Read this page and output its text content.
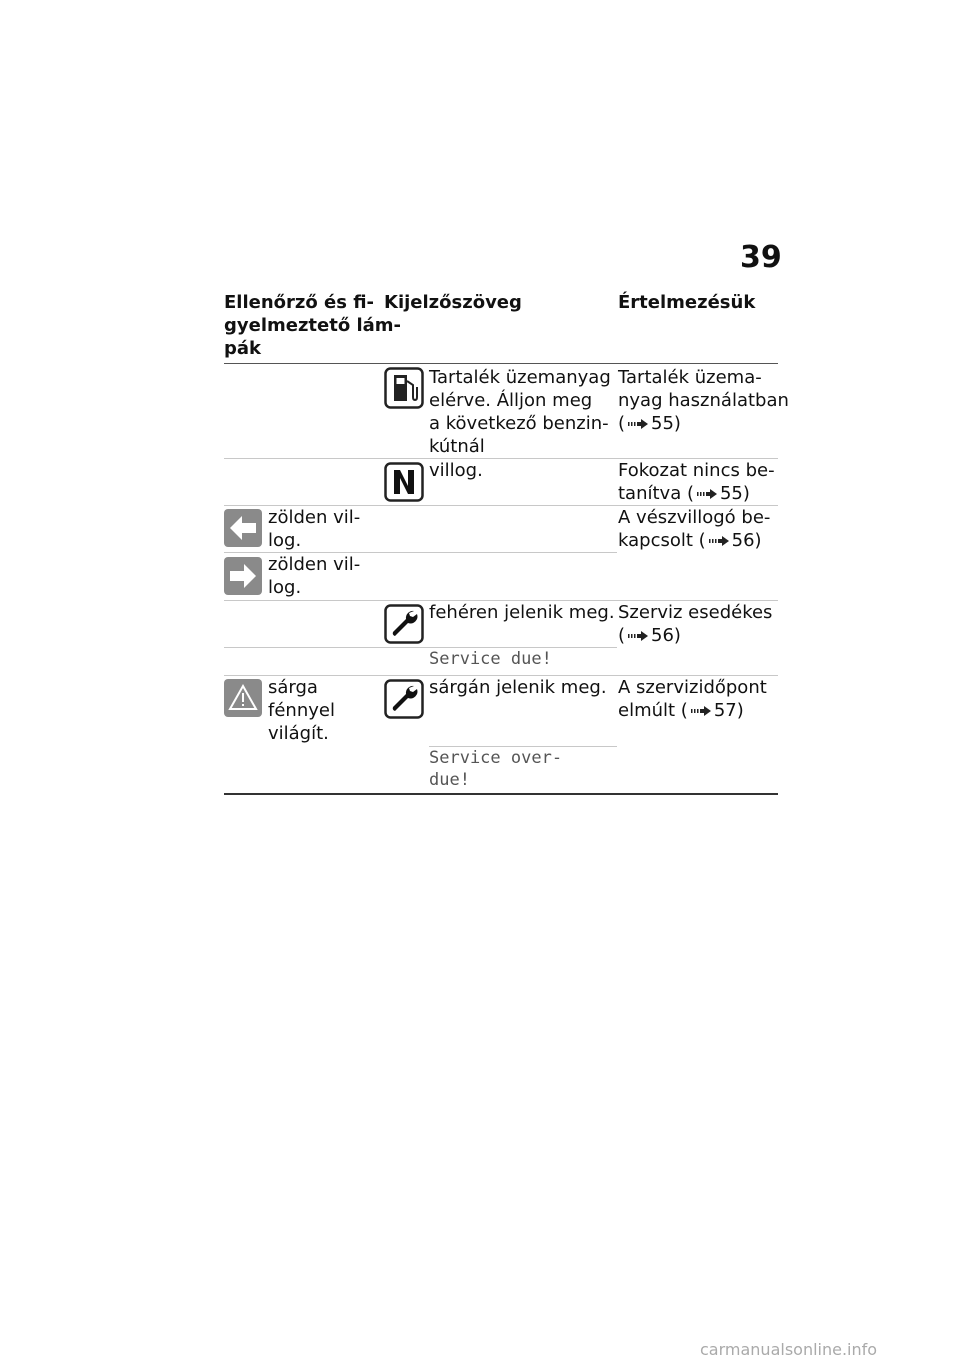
39
Ellenőrző és fi-
gyelmeztető lám-
pák
Kijelzőszöveg	Értelmezésük
Tartalék üzemanyag
elérve. Álljon meg
a következő benzin-
kútnál
Tartalék üzema-
nyag használatban
( 55)
villog.	Fokozat nincs be-
tanítva ( 55)
zölden vil-
log.
A vészvillogó be-
kapcsolt ( 56)
zölden vil-
log.
fehéren jelenik meg. Szerviz esedékes
( 56)
Service due!
sárga
fénnyel
világít.
sárgán jelenik meg. A szervizidőpont
elmúlt ( 57)
Service over-
due!
carmanualsonline.info
